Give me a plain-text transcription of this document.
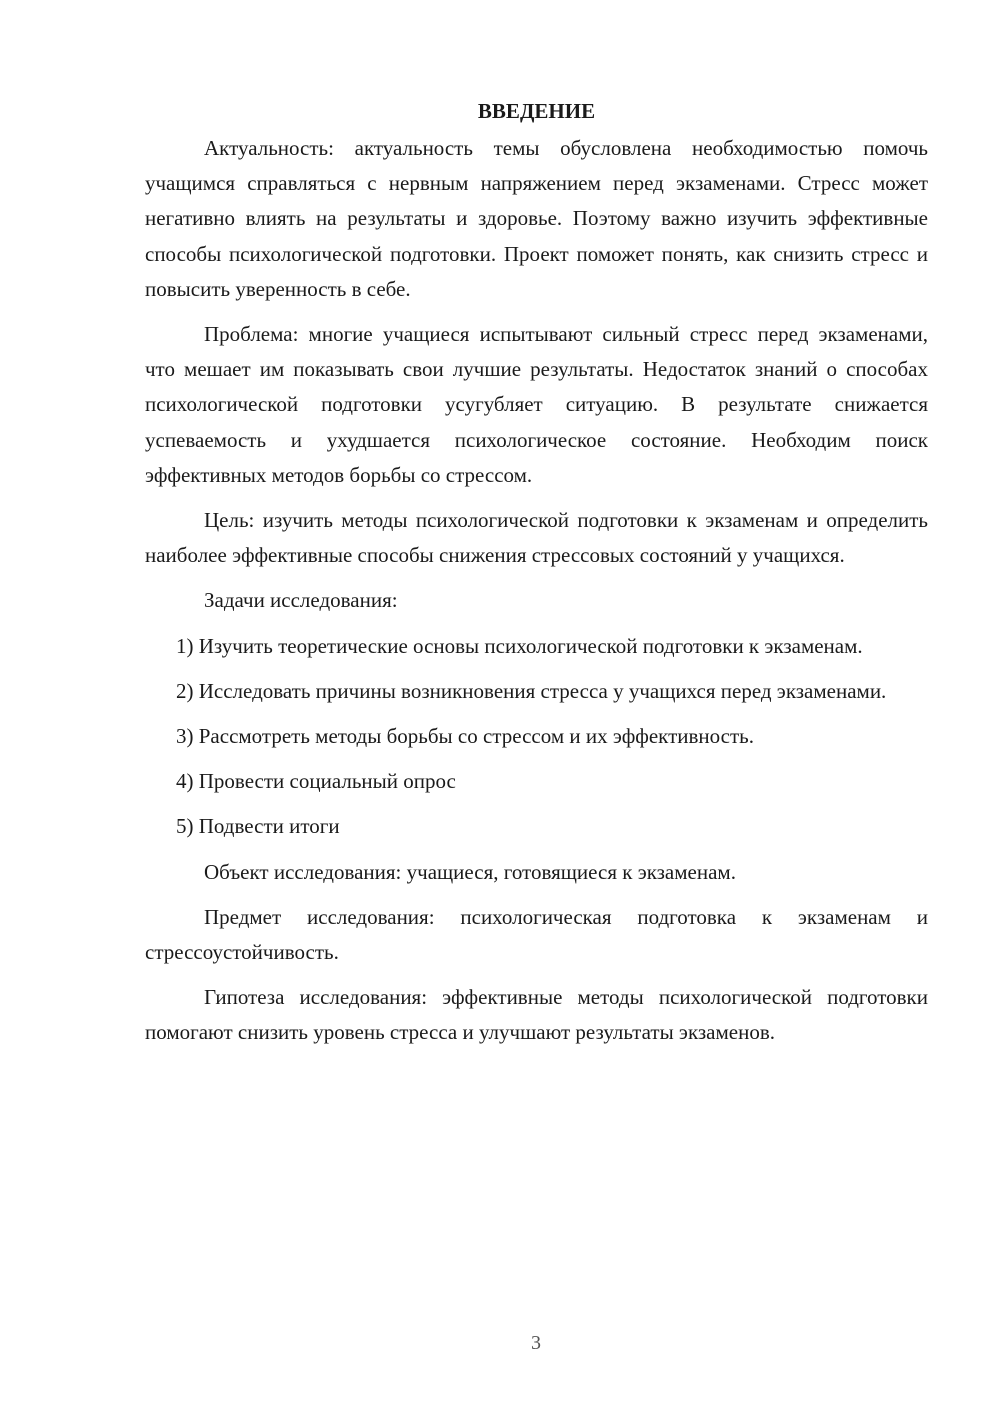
ВВЕДЕНИЕ

Актуальность: актуальность темы обусловлена необходимостью помочь учащимся справляться с нервным напряжением перед экзаменами. Стресс может негативно влиять на результаты и здоровье. Поэтому важно изучить эффективные способы психологической подготовки. Проект поможет понять, как снизить стресс и повысить уверенность в себе.

Проблема: многие учащиеся испытывают сильный стресс перед экзаменами, что мешает им показывать свои лучшие результаты. Недостаток знаний о способах психологической подготовки усугубляет ситуацию. В результате снижается успеваемость и ухудшается психологическое состояние. Необходим поиск эффективных методов борьбы со стрессом.

Цель: изучить методы психологической подготовки к экзаменам и определить наиболее эффективные способы снижения стрессовых состояний у учащихся.

Задачи исследования:

1) Изучить теоретические основы психологической подготовки к экзаменам.

2) Исследовать причины возникновения стресса у учащихся перед экзаменами.

3) Рассмотреть методы борьбы со стрессом и их эффективность.

4) Провести социальный опрос

5) Подвести итоги

Объект исследования: учащиеся, готовящиеся к экзаменам.

Предмет исследования: психологическая подготовка к экзаменам и стрессоустойчивость.

Гипотеза исследования: эффективные методы психологической подготовки помогают снизить уровень стресса и улучшают результаты экзаменов.

3
